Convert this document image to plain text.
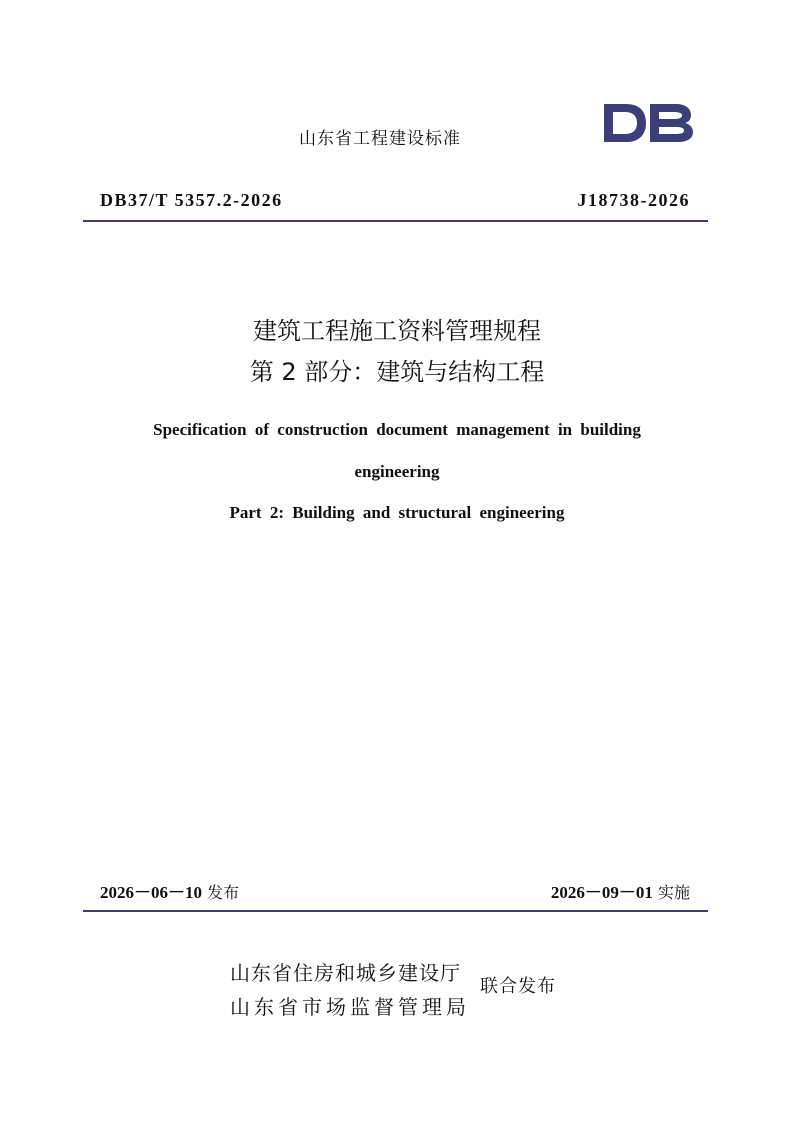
山东省工程建设标准
DB37/T 5357.2-2026	J18738-2026
建筑工程施工资料管理规程
第 2 部分：建筑与结构工程
Specification of construction document management in building
engineering
Part 2: Building and structural engineering
2026－06－10 发布	2026－09－01 实施
山东省住房和城乡建设厅
山东省市场监督管理局
联合发布
